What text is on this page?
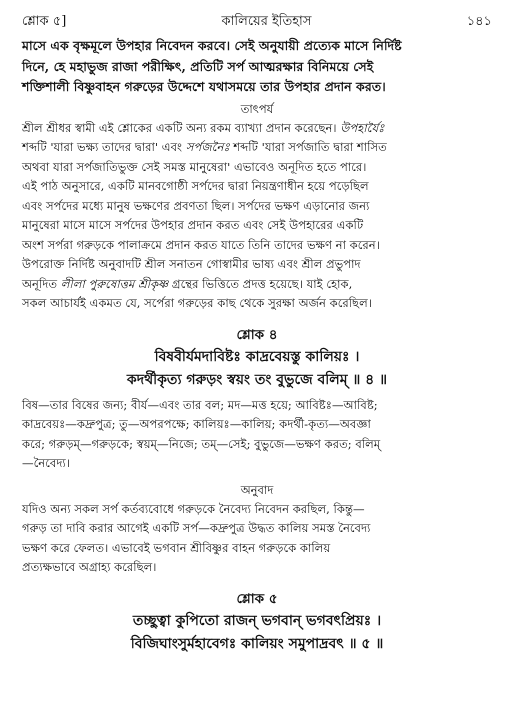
শ্লোক ৫]	কালিয়ের ইতিহাস	১৪১
মাসে এক বৃক্ষমূলে উপহার নিবেদন করবে। সেই অনুযায়ী প্রত্যেক মাসে নির্দিষ্ট
দিনে, হে মহাভুজ রাজা পরীক্ষিৎ, প্রতিটি সর্প আত্মরক্ষার বিনিময়ে সেই
শক্তিশালী বিষ্ণুবাহন গরুড়ের উদ্দেশে যথাসময়ে তার উপহার প্রদান করত।
তাৎপর্য
শ্রীল শ্রীধর স্বামী এই শ্লোকের একটি অন্য রকম ব্যাখ্যা প্রদান করেছেন। উপহার্যৈঃ
শব্দটি 'যারা ভক্ষ্য তাদের দ্বারা' এবং সর্পজনৈঃ শব্দটি 'যারা সর্পজাতি দ্বারা শাসিত
অথবা যারা সর্পজাতিভুক্ত সেই সমস্ত মানুষেরা' এভাবেও অনূদিত হতে পারে।
এই পাঠ অনুসারে, একটি মানবগোষ্ঠী সর্পদের দ্বারা নিয়ন্ত্রণাধীন হয়ে পড়েছিল
এবং সর্পদের মধ্যে মানুষ ভক্ষণের প্রবণতা ছিল। সর্পদের ভক্ষণ এড়ানোর জন্য
মানুষেরা মাসে মাসে সর্পদের উপহার প্রদান করত এবং সেই উপহারের একটি
অংশ সর্পরা গরুড়কে পালাক্রমে প্রদান করত যাতে তিনি তাদের ভক্ষণ না করেন।
উপরোক্ত নির্দিষ্ট অনুবাদটি শ্রীল সনাতন গোস্বামীর ভাষ্য এবং শ্রীল প্রভুপাদ
অনূদিত লীলা পুরুষোত্তম শ্রীকৃষ্ণ গ্রন্থের ভিত্তিতে প্রদত্ত হয়েছে। যাই হোক,
সকল আচার্যই একমত যে, সর্পেরা গরুড়ের কাছ থেকে সুরক্ষা অর্জন করেছিল।
শ্লোক ৪
বিষবীর্যমদাবিষ্টঃ কাদ্রবেয়স্তু কালিয়ঃ ।
কদর্থীকৃত্য গরুড়ং স্বয়ং তং বুভুজে বলিম্ ॥ ৪ ॥
বিষ—তার বিষের জন্য; বীর্য—এবং তার বল; মদ—মত্ত হয়ে; আবিষ্টঃ—আবিষ্ট;
কাদ্রবেয়ঃ—কদ্রুপুত্র; তু—অপরপক্ষে; কালিয়ঃ—কালিয়; কদর্থী-কৃত্য—অবজ্ঞা
করে; গরুড়ম্—গরুড়কে; স্বয়ম্—নিজে; তম্—সেই; বুভুজে—ভক্ষণ করত; বলিম্
—নৈবেদ্য।
অনুবাদ
যদিও অন্য সকল সর্প কর্তব্যবোধে গরুড়কে নৈবেদ্য নিবেদন করছিল, কিন্তু—
গরুড় তা দাবি করার আগেই একটি সর্প—কদ্রুপুত্র উদ্ধত কালিয় সমস্ত নৈবেদ্য
ভক্ষণ করে ফেলত। এভাবেই ভগবান শ্রীবিষ্ণুর বাহন গরুড়কে কালিয়
প্রত্যক্ষভাবে অগ্রাহ্য করেছিল।
শ্লোক ৫
তচ্ছুত্বা কুপিতো রাজন্ ভগবান্ ভগবৎপ্রিয়ঃ ।
বিজিঘাংসুর্মহাবেগঃ কালিয়ং সমুপাদ্রবৎ ॥ ৫ ॥
